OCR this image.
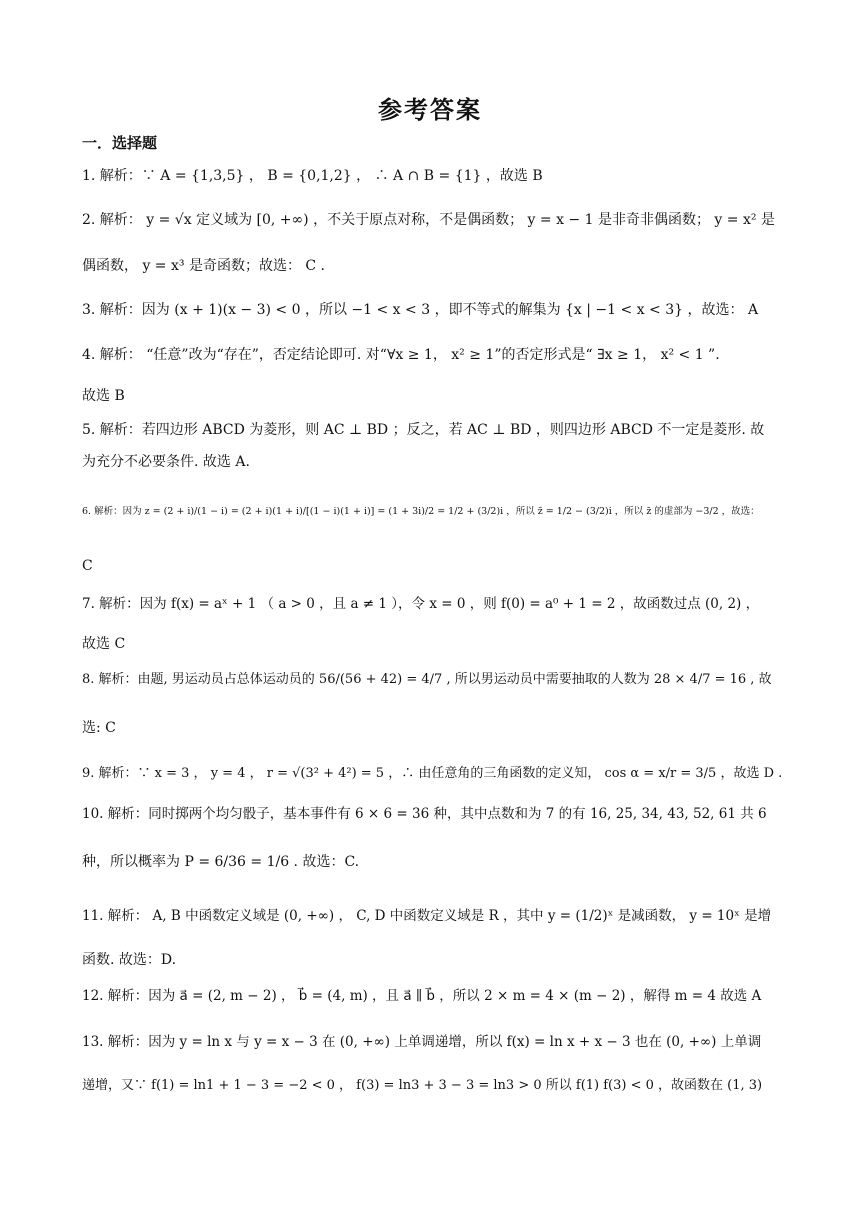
参考答案
一．选择题
1. 解析：∵ A = {1,3,5} ， B = {0,1,2} ， ∴ A ∩ B = {1} ，故选 B
2. 解析： y = √x 定义域为 [0, +∞) ，不关于原点对称，不是偶函数； y = x − 1 是非奇非偶函数； y = x² 是
偶函数， y = x³ 是奇函数；故选： C .
3. 解析：因为 (x + 1)(x − 3) < 0 ，所以 −1 < x < 3 ，即不等式的解集为 {x | −1 < x < 3} ，故选： A
4. 解析： “任意”改为“存在”，否定结论即可. 对“∀x ≥ 1， x² ≥ 1”的否定形式是“ ∃x ≥ 1， x² < 1 ”.
故选 B
5. 解析：若四边形 ABCD 为菱形，则 AC ⊥ BD ；反之，若 AC ⊥ BD ，则四边形 ABCD 不一定是菱形. 故
为充分不必要条件. 故选 A.
6. 解析：因为 z = (2 + i)/(1 − i) = (2 + i)(1 + i)/[(1 − i)(1 + i)] = (1 + 3i)/2 = 1/2 + (3/2)i ，所以 z̄ = 1/2 − (3/2)i ，所以 z̄ 的虚部为 −3/2 ，故选：
C
7. 解析：因为 f(x) = aˣ + 1 （ a > 0 ，且 a ≠ 1 ），令 x = 0 ，则 f(0) = a⁰ + 1 = 2 ，故函数过点 (0, 2) ，
故选 C
8. 解析：由题, 男运动员占总体运动员的 56/(56 + 42) = 4/7 , 所以男运动员中需要抽取的人数为 28 × 4/7 = 16 , 故
选: C
9. 解析：∵ x = 3 ， y = 4 ， r = √(3² + 4²) = 5 ，∴ 由任意角的三角函数的定义知， cos α = x/r = 3/5 ，故选 D .
10. 解析：同时掷两个均匀骰子，基本事件有 6 × 6 = 36 种，其中点数和为 7 的有 16, 25, 34, 43, 52, 61 共 6
种，所以概率为 P = 6/36 = 1/6 . 故选：C.
11. 解析： A, B 中函数定义域是 (0, +∞) ， C, D 中函数定义域是 R ，其中 y = (1/2)ˣ 是减函数， y = 10ˣ 是增
函数. 故选：D.
12. 解析：因为 a⃗ = (2, m − 2) ， b⃗ = (4, m) ，且 a⃗ ∥ b⃗ ，所以 2 × m = 4 × (m − 2) ，解得 m = 4 故选 A
13. 解析：因为 y = ln x 与 y = x − 3 在 (0, +∞) 上单调递增，所以 f(x) = ln x + x − 3 也在 (0, +∞) 上单调
递增，又∵ f(1) = ln1 + 1 − 3 = −2 < 0 ， f(3) = ln3 + 3 − 3 = ln3 > 0 所以 f(1) f(3) < 0 ，故函数在 (1, 3)
